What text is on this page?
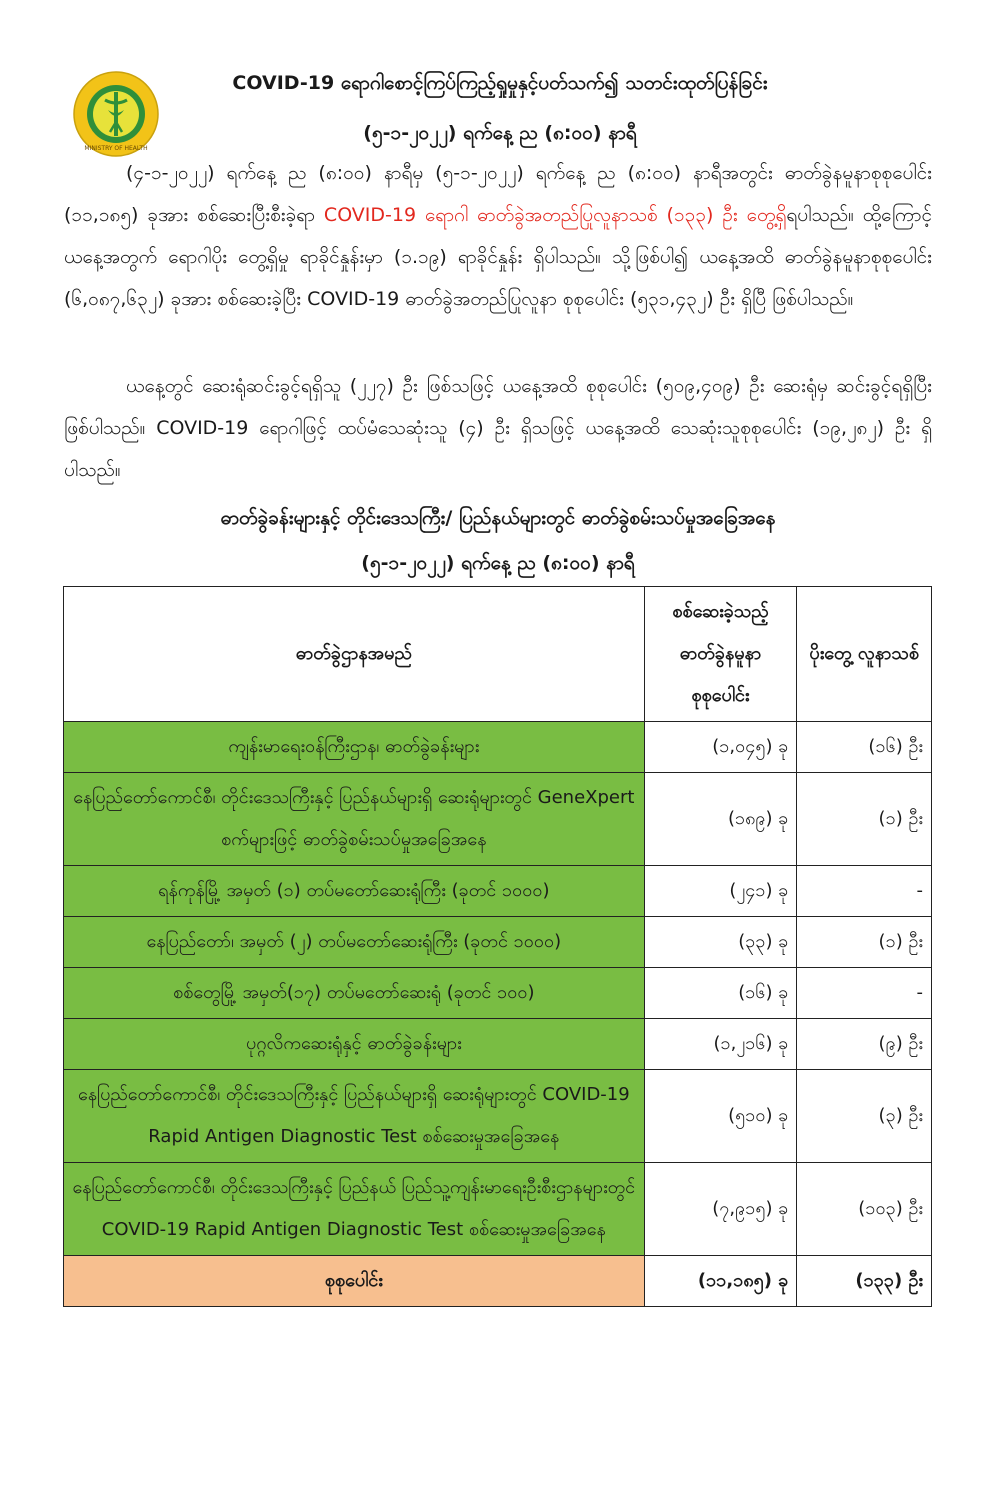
MINISTRY OF HEALTH
COVID-19 ရောဂါစောင့်ကြပ်ကြည့်ရှုမှုနှင့်ပတ်သက်၍ သတင်းထုတ်ပြန်ခြင်း
(၅-၁-၂၀၂၂) ရက်နေ့ ည (၈:၀၀) နာရီ
(၄-၁-၂၀၂၂) ရက်နေ့ ည (၈:၀၀) နာရီမှ (၅-၁-၂၀၂၂) ရက်နေ့ ည (၈:၀၀) နာရီအတွင်း ဓာတ်ခွဲနမူနာစုစုပေါင်း (၁၁,၁၈၅) ခုအား စစ်ဆေးပြီးစီးခဲ့ရာ COVID-19 ရောဂါ ဓာတ်ခွဲအတည်ပြုလူနာသစ် (၁၃၃) ဦး တွေ့ရှိရပါသည်။ ထို့ကြောင့် ယနေ့အတွက် ရောဂါပိုး တွေ့ရှိမှု ရာခိုင်နှုန်းမှာ (၁.၁၉) ရာခိုင်နှုန်း ရှိပါသည်။ သို့ဖြစ်ပါ၍ ယနေ့အထိ ဓာတ်ခွဲနမူနာစုစုပေါင်း (၆,၀၈၇,၆၃၂) ခုအား စစ်ဆေးခဲ့ပြီး COVID-19 ဓာတ်ခွဲအတည်ပြုလူနာ စုစုပေါင်း (၅၃၁,၄၃၂) ဦး ရှိပြီ ဖြစ်ပါသည်။
ယနေ့တွင် ဆေးရုံဆင်းခွင့်ရရှိသူ (၂၂၇) ဦး ဖြစ်သဖြင့် ယနေ့အထိ စုစုပေါင်း (၅၀၉,၄၀၉) ဦး ဆေးရုံမှ ဆင်းခွင့်ရရှိပြီး ဖြစ်ပါသည်။ COVID-19 ရောဂါဖြင့် ထပ်မံသေဆုံးသူ (၄) ဦး ရှိသဖြင့် ယနေ့အထိ သေဆုံးသူစုစုပေါင်း (၁၉,၂၈၂) ဦး ရှိပါသည်။
ဓာတ်ခွဲခန်းများနှင့် တိုင်းဒေသကြီး/ ပြည်နယ်များတွင် ဓာတ်ခွဲစမ်းသပ်မှုအခြေအနေ
(၅-၁-၂၀၂၂) ရက်နေ့ ည (၈:၀၀) နာရီ
ဓာတ်ခွဲဌာနအမည်	စစ်ဆေးခဲ့သည့် ဓာတ်ခွဲနမူနာ စုစုပေါင်း	ပိုးတွေ့ လူနာသစ်
ကျန်းမာရေးဝန်ကြီးဌာန၊ ဓာတ်ခွဲခန်းများ	(၁,၀၄၅) ခု	(၁၆) ဦး
နေပြည်တော်ကောင်စီ၊ တိုင်းဒေသကြီးနှင့် ပြည်နယ်များရှိ ဆေးရုံများတွင် GeneXpert စက်များဖြင့် ဓာတ်ခွဲစမ်းသပ်မှုအခြေအနေ	(၁၈၉) ခု	(၁) ဦး
ရန်ကုန်မြို့ အမှတ် (၁) တပ်မတော်ဆေးရုံကြီး (ခုတင် ၁၀၀၀)	(၂၄၁) ခု	-
နေပြည်တော်၊ အမှတ် (၂) တပ်မတော်ဆေးရုံကြီး (ခုတင် ၁၀၀၀)	(၃၃) ခု	(၁) ဦး
စစ်တွေမြို့ အမှတ်(၁၇) တပ်မတော်ဆေးရုံ (ခုတင် ၁၀၀)	(၁၆) ခု	-
ပုဂ္ဂလိကဆေးရုံနှင့် ဓာတ်ခွဲခန်းများ	(၁,၂၁၆) ခု	(၉) ဦး
နေပြည်တော်ကောင်စီ၊ တိုင်းဒေသကြီးနှင့် ပြည်နယ်များရှိ ဆေးရုံများတွင် COVID-19 Rapid Antigen Diagnostic Test စစ်ဆေးမှုအခြေအနေ	(၅၁၀) ခု	(၃) ဦး
နေပြည်တော်ကောင်စီ၊ တိုင်းဒေသကြီးနှင့် ပြည်နယ် ပြည်သူ့ကျန်းမာရေးဦးစီးဌာနများတွင် COVID-19 Rapid Antigen Diagnostic Test စစ်ဆေးမှုအခြေအနေ	(၇,၉၁၅) ခု	(၁၀၃) ဦး
စုစုပေါင်း	(၁၁,၁၈၅) ခု	(၁၃၃) ဦး
